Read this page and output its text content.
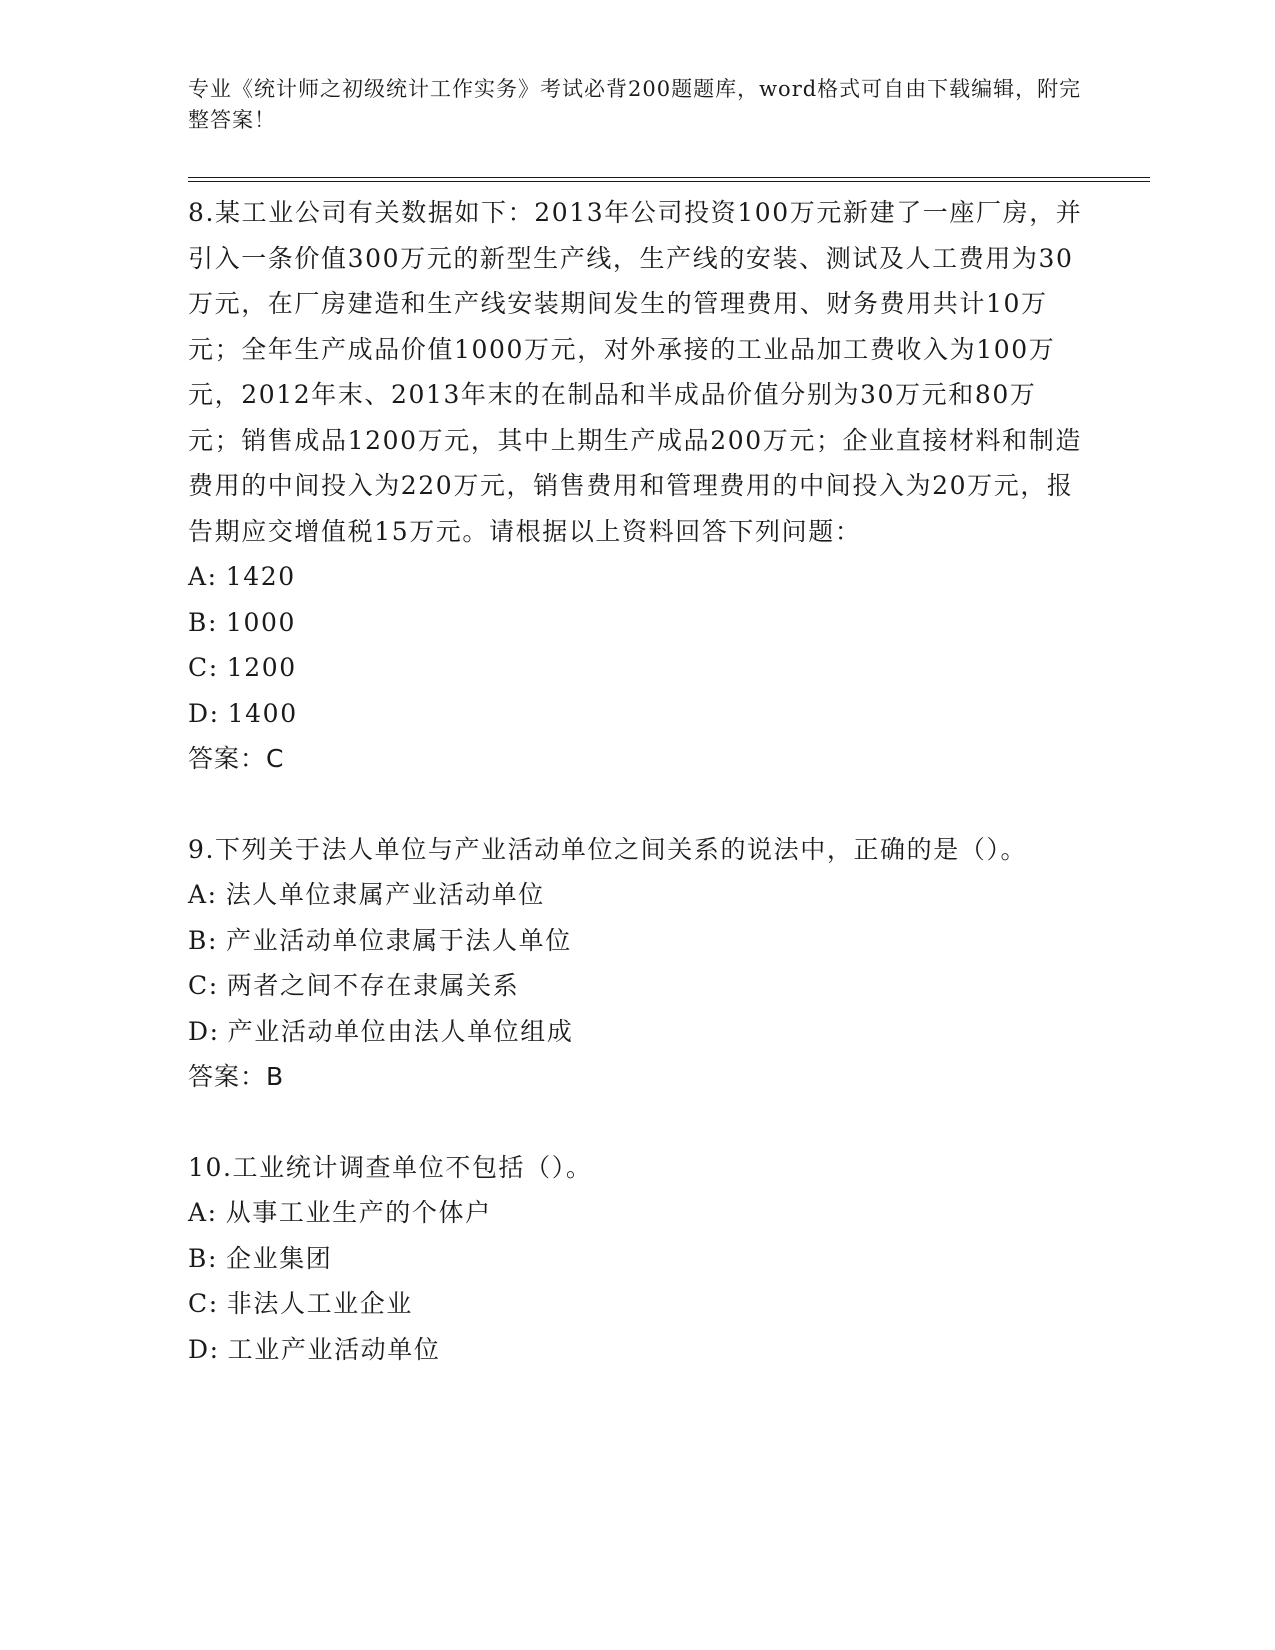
专业《统计师之初级统计工作实务》考试必背200题题库，word格式可自由下载编辑，附完整答案！

8.某工业公司有关数据如下：2013年公司投资100万元新建了一座厂房，并引入一条价值300万元的新型生产线，生产线的安装、测试及人工费用为30万元，在厂房建造和生产线安装期间发生的管理费用、财务费用共计10万元；全年生产成品价值1000万元，对外承接的工业品加工费收入为100万元，2012年末、2013年末的在制品和半成品价值分别为30万元和80万元；销售成品1200万元，其中上期生产成品200万元；企业直接材料和制造费用的中间投入为220万元，销售费用和管理费用的中间投入为20万元，报告期应交增值税15万元。请根据以上资料回答下列问题：

A: 1420

B: 1000

C: 1200

D: 1400

答案：C

9.下列关于法人单位与产业活动单位之间关系的说法中，正确的是（）。

A: 法人单位隶属产业活动单位

B: 产业活动单位隶属于法人单位

C: 两者之间不存在隶属关系

D: 产业活动单位由法人单位组成

答案：B

10.工业统计调查单位不包括（）。

A: 从事工业生产的个体户

B: 企业集团

C: 非法人工业企业

D: 工业产业活动单位
